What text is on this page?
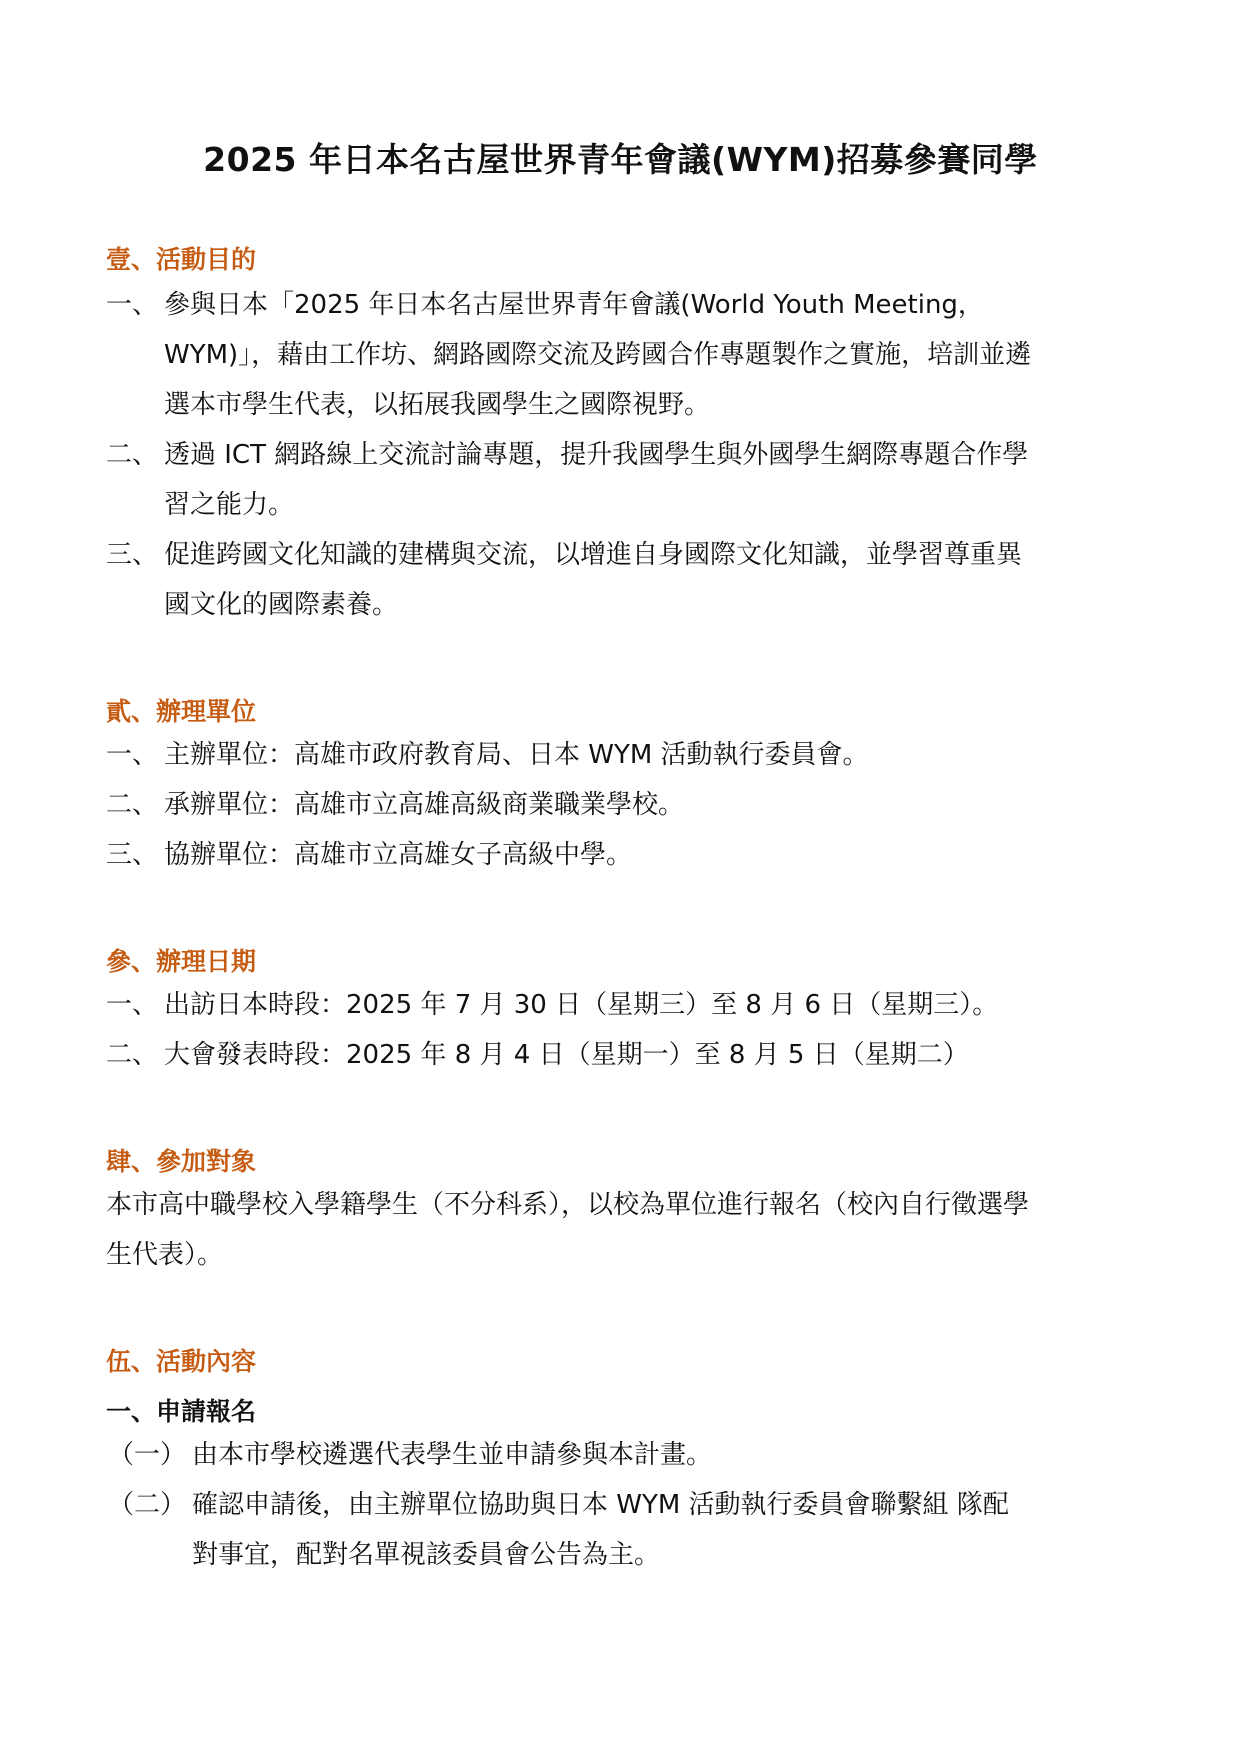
2025 年日本名古屋世界青年會議(WYM)招募參賽同學
壹、活動目的
一、 參與日本「2025 年日本名古屋世界青年會議(World Youth Meeting，
WYM)」，藉由工作坊、網路國際交流及跨國合作專題製作之實施，培訓並遴
選本市學生代表，以拓展我國學生之國際視野。
二、 透過 ICT 網路線上交流討論專題，提升我國學生與外國學生網際專題合作學
習之能力。
三、 促進跨國文化知識的建構與交流，以增進自身國際文化知識，並學習尊重異
國文化的國際素養。
貳、辦理單位
一、 主辦單位：高雄市政府教育局、日本 WYM 活動執行委員會。
二、 承辦單位：高雄市立高雄高級商業職業學校。
三、 協辦單位：高雄市立高雄女子高級中學。
參、辦理日期
一、 出訪日本時段：2025 年 7 月 30 日（星期三）至 8 月 6 日（星期三）。
二、 大會發表時段：2025 年 8 月 4 日（星期一）至 8 月 5 日（星期二）
肆、參加對象
本市高中職學校入學籍學生（不分科系），以校為單位進行報名（校內自行徵選學
生代表）。
伍、活動內容
一、申請報名
（一） 由本市學校遴選代表學生並申請參與本計畫。
（二） 確認申請後，由主辦單位協助與日本 WYM 活動執行委員會聯繫組 隊配
對事宜，配對名單視該委員會公告為主。
